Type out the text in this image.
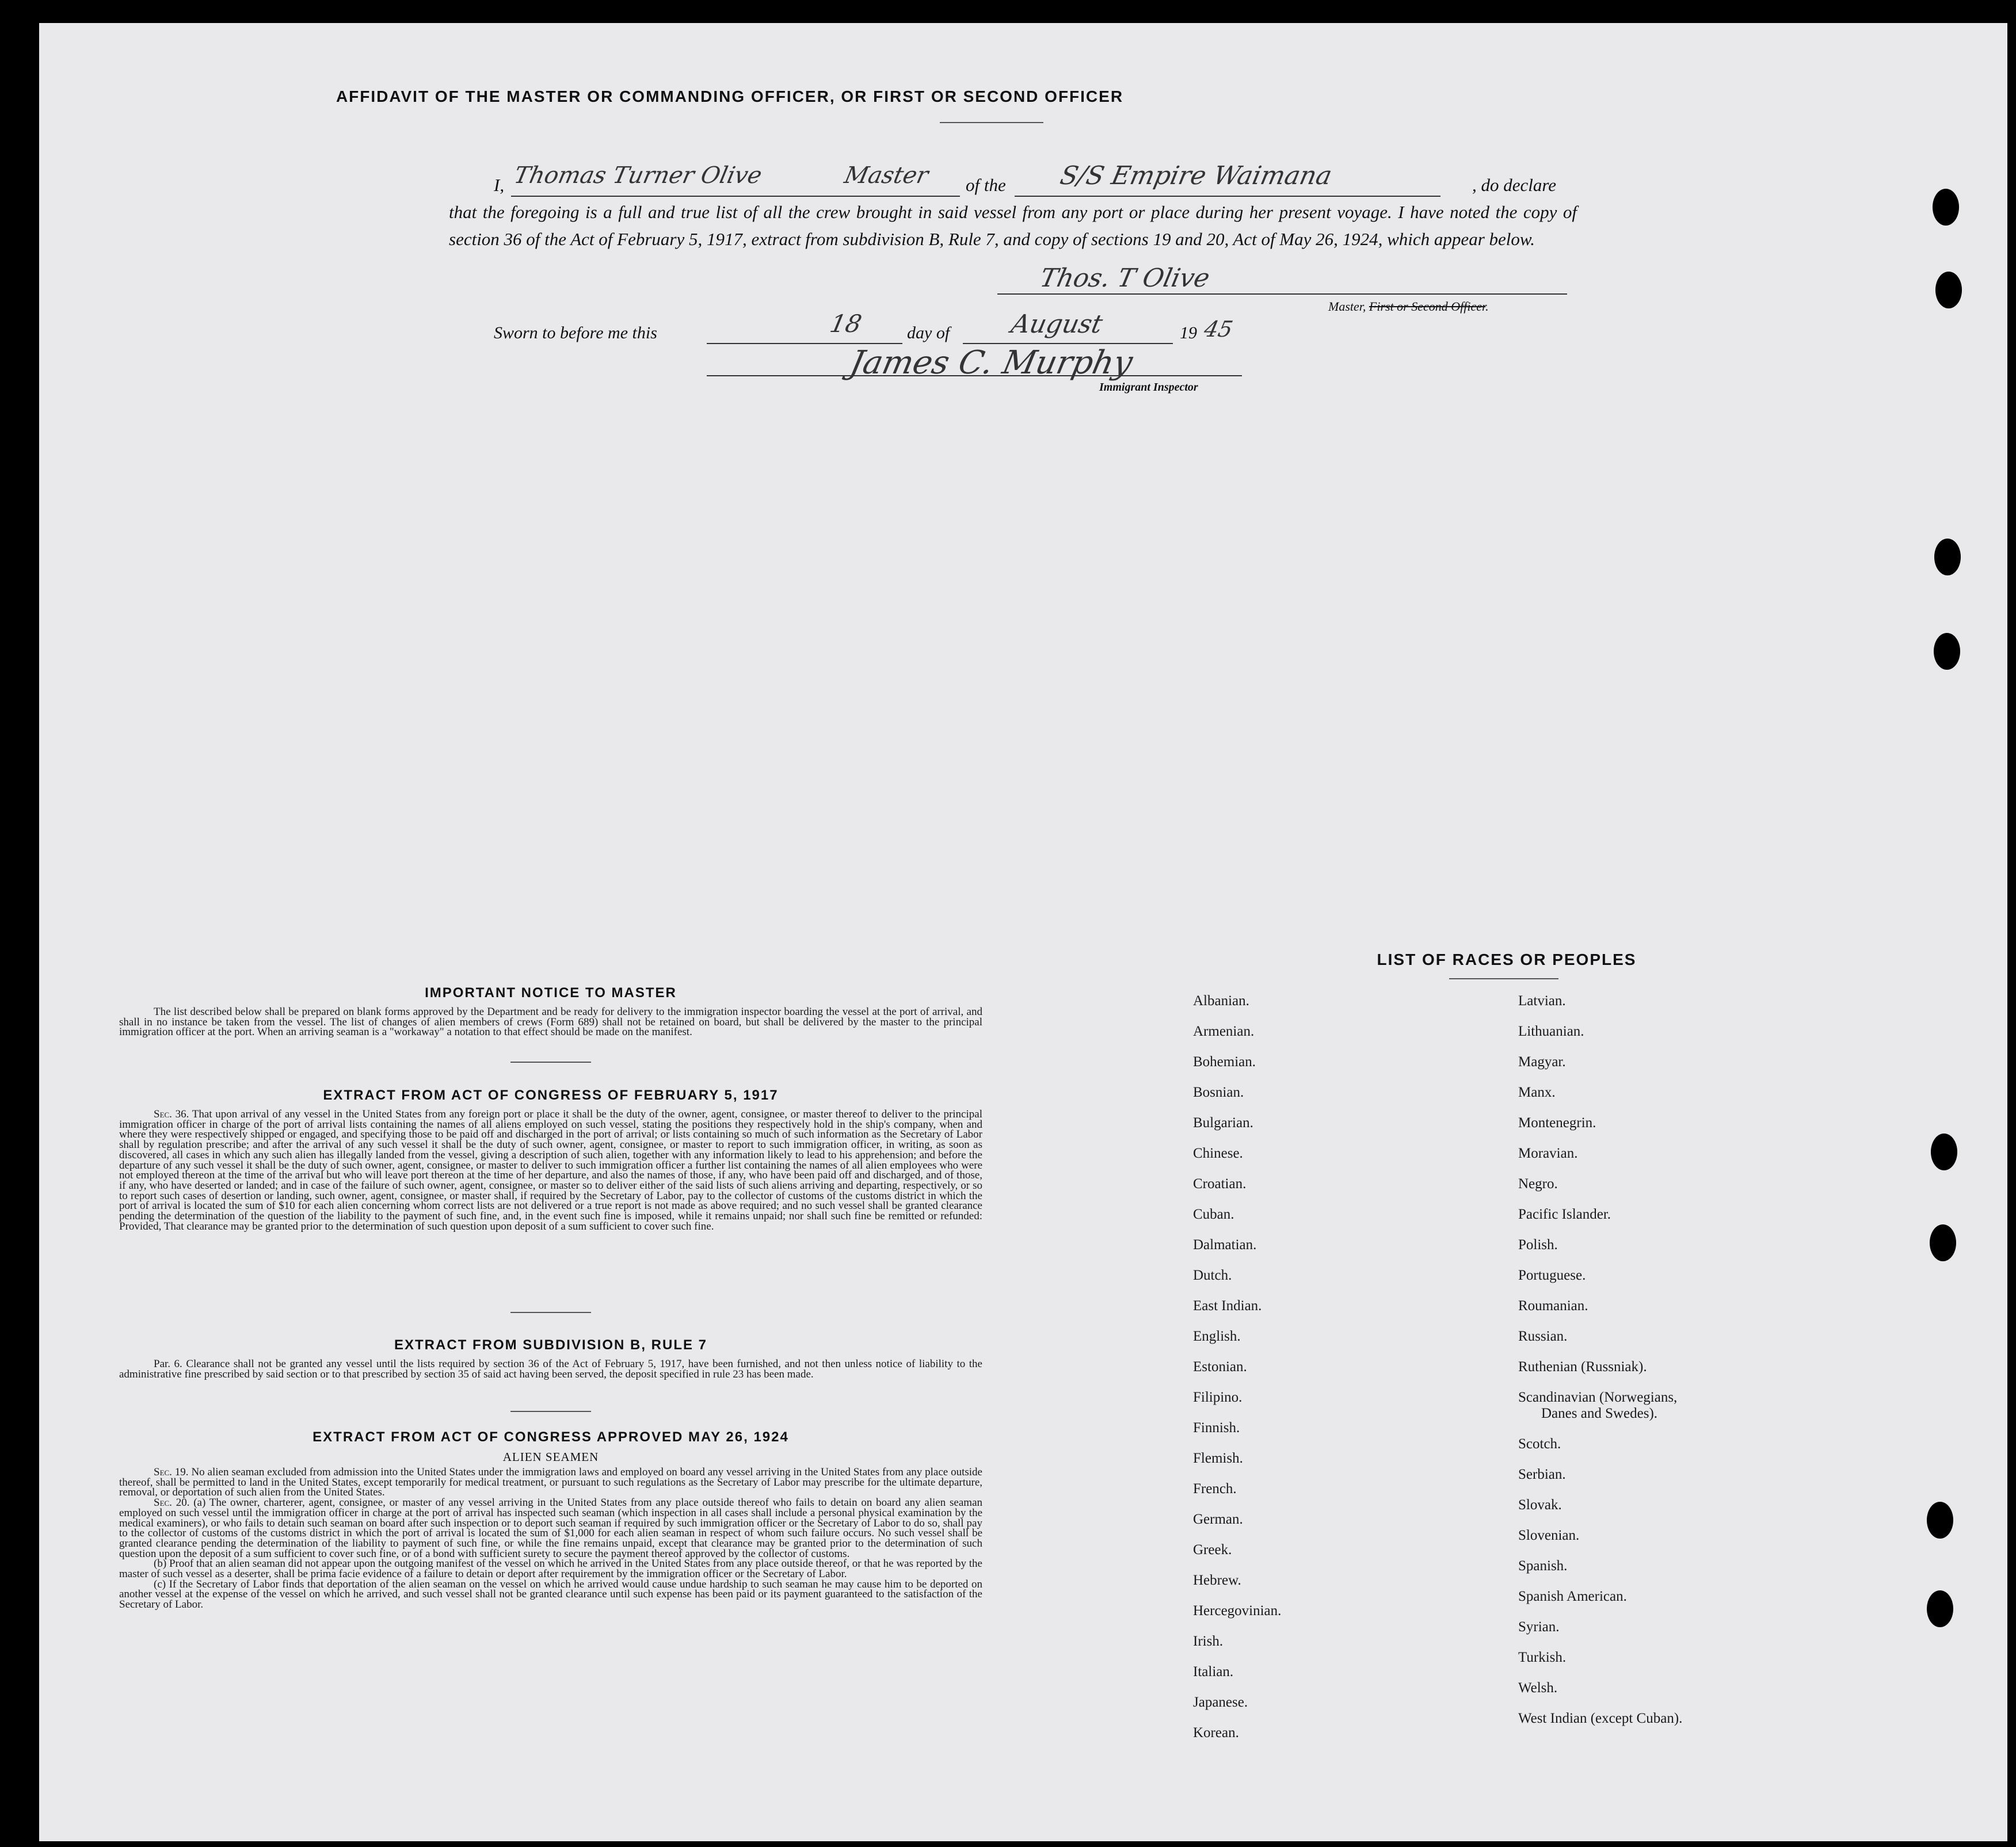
AFFIDAVIT OF THE MASTER OR COMMANDING OFFICER, OR FIRST OR SECOND OFFICER
I,	of the	, do declare
Thomas Turner Olive	Master	S/S Empire Waimana
that the foregoing is a full and true list of all the crew brought in said vessel from any port or place during her present voyage. I have noted the copy of section 36 of the Act of February 5, 1917, extract from subdivision B, Rule 7, and copy of sections 19 and 20, Act of May 26, 1924, which appear below.
Thos. T Olive
Master, First or Second Officer.
Sworn to before me this	day of	19
18	August	45
James C. Murphy
Immigrant Inspector
IMPORTANT NOTICE TO MASTER
The list described below shall be prepared on blank forms approved by the Department and be ready for delivery to the immigration inspector boarding the vessel at the port of arrival, and shall in no instance be taken from the vessel. The list of changes of alien members of crews (Form 689) shall not be retained on board, but shall be delivered by the master to the principal immigration officer at the port. When an arriving seaman is a "workaway" a notation to that effect should be made on the manifest.
EXTRACT FROM ACT OF CONGRESS OF FEBRUARY 5, 1917
Sec. 36. That upon arrival of any vessel in the United States from any foreign port or place it shall be the duty of the owner, agent, consignee, or master thereof to deliver to the principal immigration officer in charge of the port of arrival lists containing the names of all aliens employed on such vessel, stating the positions they respectively hold in the ship's company, when and where they were respectively shipped or engaged, and specifying those to be paid off and discharged in the port of arrival; or lists containing so much of such information as the Secretary of Labor shall by regulation prescribe; and after the arrival of any such vessel it shall be the duty of such owner, agent, consignee, or master to report to such immigration officer, in writing, as soon as discovered, all cases in which any such alien has illegally landed from the vessel, giving a description of such alien, together with any information likely to lead to his apprehension; and before the departure of any such vessel it shall be the duty of such owner, agent, consignee, or master to deliver to such immigration officer a further list containing the names of all alien employees who were not employed thereon at the time of the arrival but who will leave port thereon at the time of her departure, and also the names of those, if any, who have been paid off and discharged, and of those, if any, who have deserted or landed; and in case of the failure of such owner, agent, consignee, or master so to deliver either of the said lists of such aliens arriving and departing, respectively, or so to report such cases of desertion or landing, such owner, agent, consignee, or master shall, if required by the Secretary of Labor, pay to the collector of customs of the customs district in which the port of arrival is located the sum of $10 for each alien concerning whom correct lists are not delivered or a true report is not made as above required; and no such vessel shall be granted clearance pending the determination of the question of the liability to the payment of such fine, and, in the event such fine is imposed, while it remains unpaid; nor shall such fine be remitted or refunded: Provided, That clearance may be granted prior to the determination of such question upon deposit of a sum sufficient to cover such fine.
EXTRACT FROM SUBDIVISION B, RULE 7
Par. 6. Clearance shall not be granted any vessel until the lists required by section 36 of the Act of February 5, 1917, have been furnished, and not then unless notice of liability to the administrative fine prescribed by said section or to that prescribed by section 35 of said act having been served, the deposit specified in rule 23 has been made.
EXTRACT FROM ACT OF CONGRESS APPROVED MAY 26, 1924
ALIEN SEAMEN
Sec. 19. No alien seaman excluded from admission into the United States under the immigration laws and employed on board any vessel arriving in the United States from any place outside thereof, shall be permitted to land in the United States, except temporarily for medical treatment, or pursuant to such regulations as the Secretary of Labor may prescribe for the ultimate departure, removal, or deportation of such alien from the United States.
Sec. 20. (a) The owner, charterer, agent, consignee, or master of any vessel arriving in the United States from any place outside thereof who fails to detain on board any alien seaman employed on such vessel until the immigration officer in charge at the port of arrival has inspected such seaman (which inspection in all cases shall include a personal physical examination by the medical examiners), or who fails to detain such seaman on board after such inspection or to deport such seaman if required by such immigration officer or the Secretary of Labor to do so, shall pay to the collector of customs of the customs district in which the port of arrival is located the sum of $1,000 for each alien seaman in respect of whom such failure occurs. No such vessel shall be granted clearance pending the determination of the liability to payment of such fine, or while the fine remains unpaid, except that clearance may be granted prior to the determination of such question upon the deposit of a sum sufficient to cover such fine, or of a bond with sufficient surety to secure the payment thereof approved by the collector of customs.
(b) Proof that an alien seaman did not appear upon the outgoing manifest of the vessel on which he arrived in the United States from any place outside thereof, or that he was reported by the master of such vessel as a deserter, shall be prima facie evidence of a failure to detain or deport after requirement by the immigration officer or the Secretary of Labor.
(c) If the Secretary of Labor finds that deportation of the alien seaman on the vessel on which he arrived would cause undue hardship to such seaman he may cause him to be deported on another vessel at the expense of the vessel on which he arrived, and such vessel shall not be granted clearance until such expense has been paid or its payment guaranteed to the satisfaction of the Secretary of Labor.
LIST OF RACES OR PEOPLES
Albanian.
Armenian.
Bohemian.
Bosnian.
Bulgarian.
Chinese.
Croatian.
Cuban.
Dalmatian.
Dutch.
East Indian.
English.
Estonian.
Filipino.
Finnish.
Flemish.
French.
German.
Greek.
Hebrew.
Hercegovinian.
Irish.
Italian.
Japanese.
Korean.
Latvian.
Lithuanian.
Magyar.
Manx.
Montenegrin.
Moravian.
Negro.
Pacific Islander.
Polish.
Portuguese.
Roumanian.
Russian.
Ruthenian (Russniak).
Scandinavian (Norwegians,
Danes and Swedes).
Scotch.
Serbian.
Slovak.
Slovenian.
Spanish.
Spanish American.
Syrian.
Turkish.
Welsh.
West Indian (except Cuban).
